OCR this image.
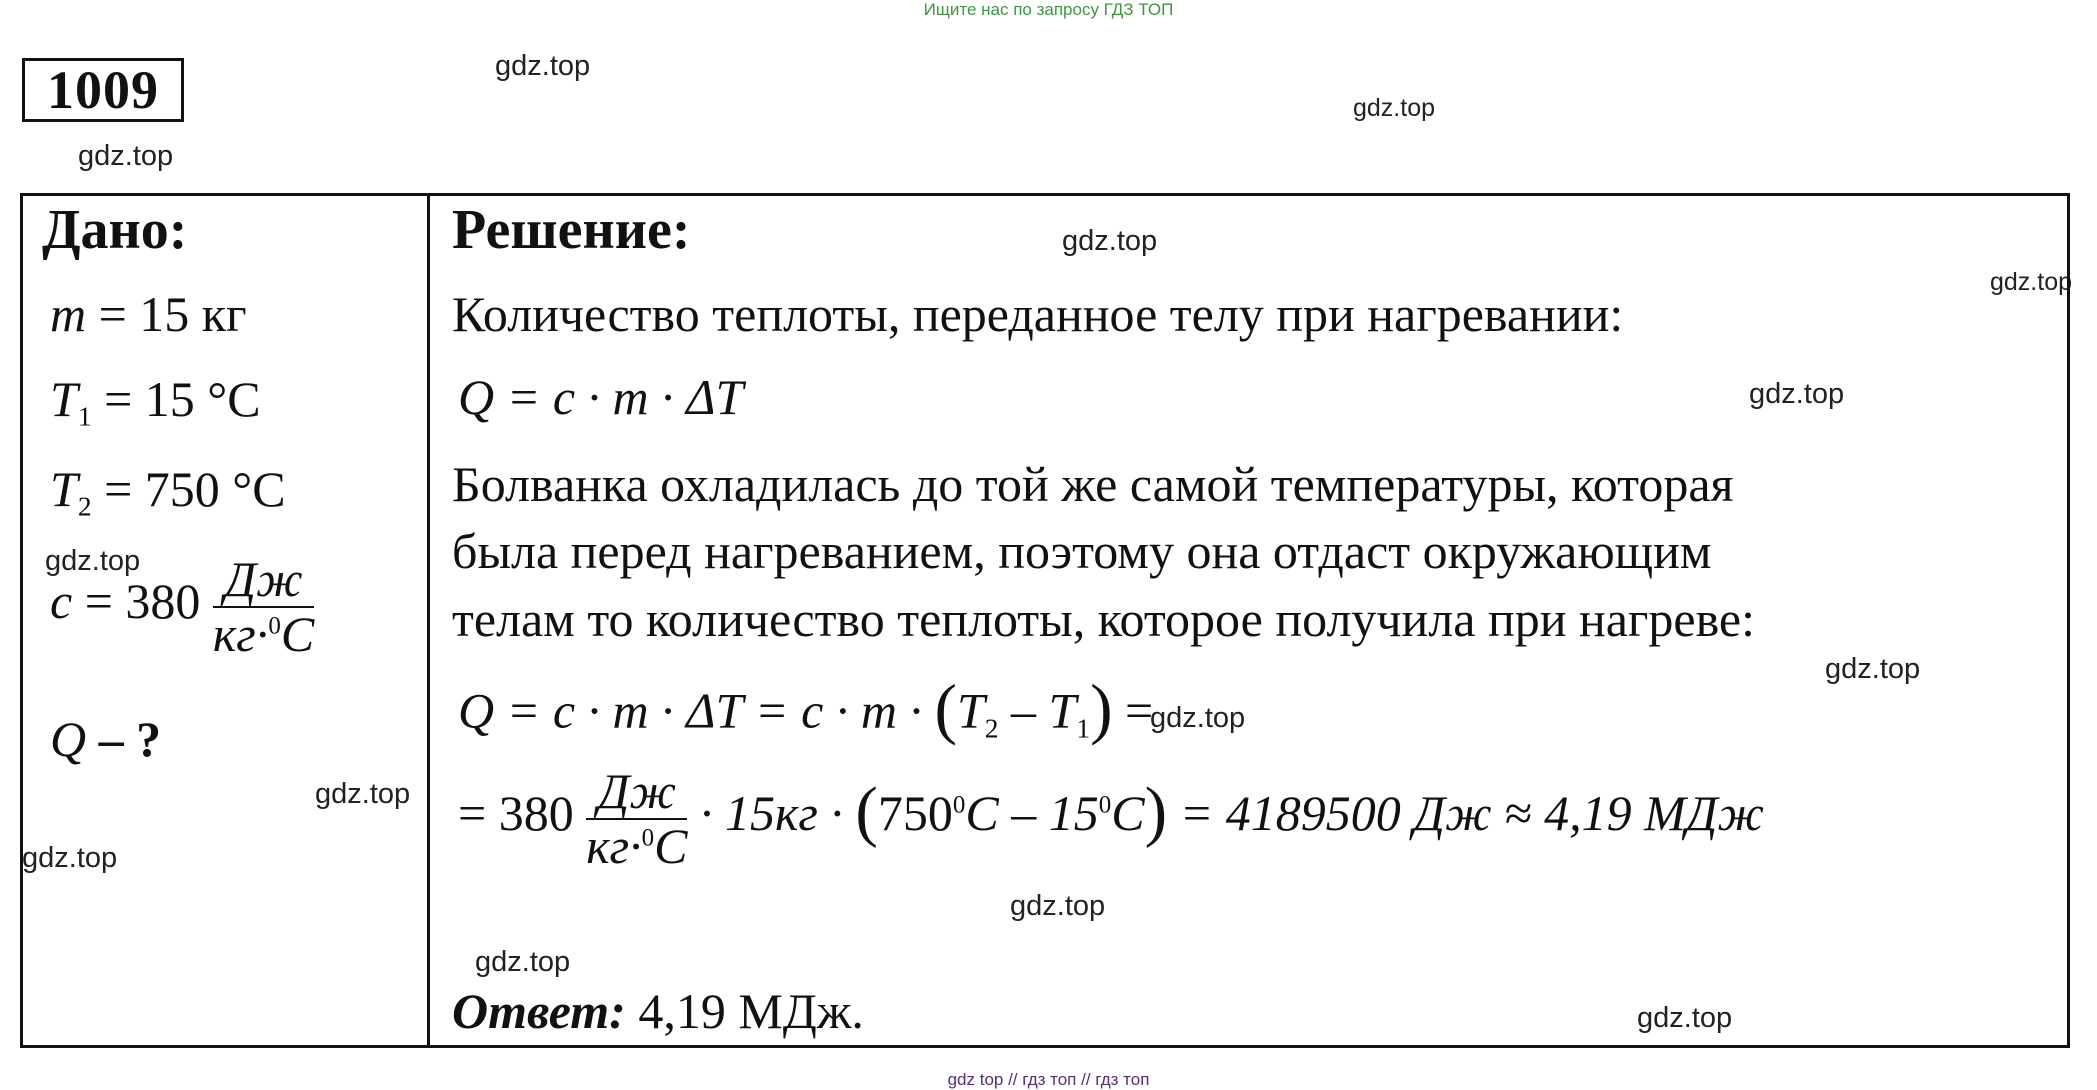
Ищите нас по запросу ГДЗ ТОП
1009	gdz.top
gdz.top
gdz.top
gdz.top
gdz.top
gdz.top
gdz.top
gdz.top
gdz.top
gdz.top
gdz.top
gdz.top
gdz.top
gdz.top
Дано:
m = 15 кг
$T_1 = 15$ °C
$T_2 = 750$ °C
$c = 380 \frac{Дж}{кг\cdot^0C}$
Q – ?
Решение:
Количество теплоты, переданное телу при нагревании:
Q = c · m · ΔT
Болванка охладилась до той же самой температуры, которая
была перед нагреванием, поэтому она отдаст окружающим
телам то количество теплоты, которое получила при нагреве:
$Q = c \cdot m \cdot \Delta T = c \cdot m \cdot (T_2 - T_1)$ =
= $380 \frac{Дж}{кг\cdot^0C} \cdot 15кг \cdot (750^0C - 15^0C) = 4189500$ Дж ≈ 4,19 МДж
Ответ: 4,19 МДж.
gdz top // гдз топ // гдз топ
